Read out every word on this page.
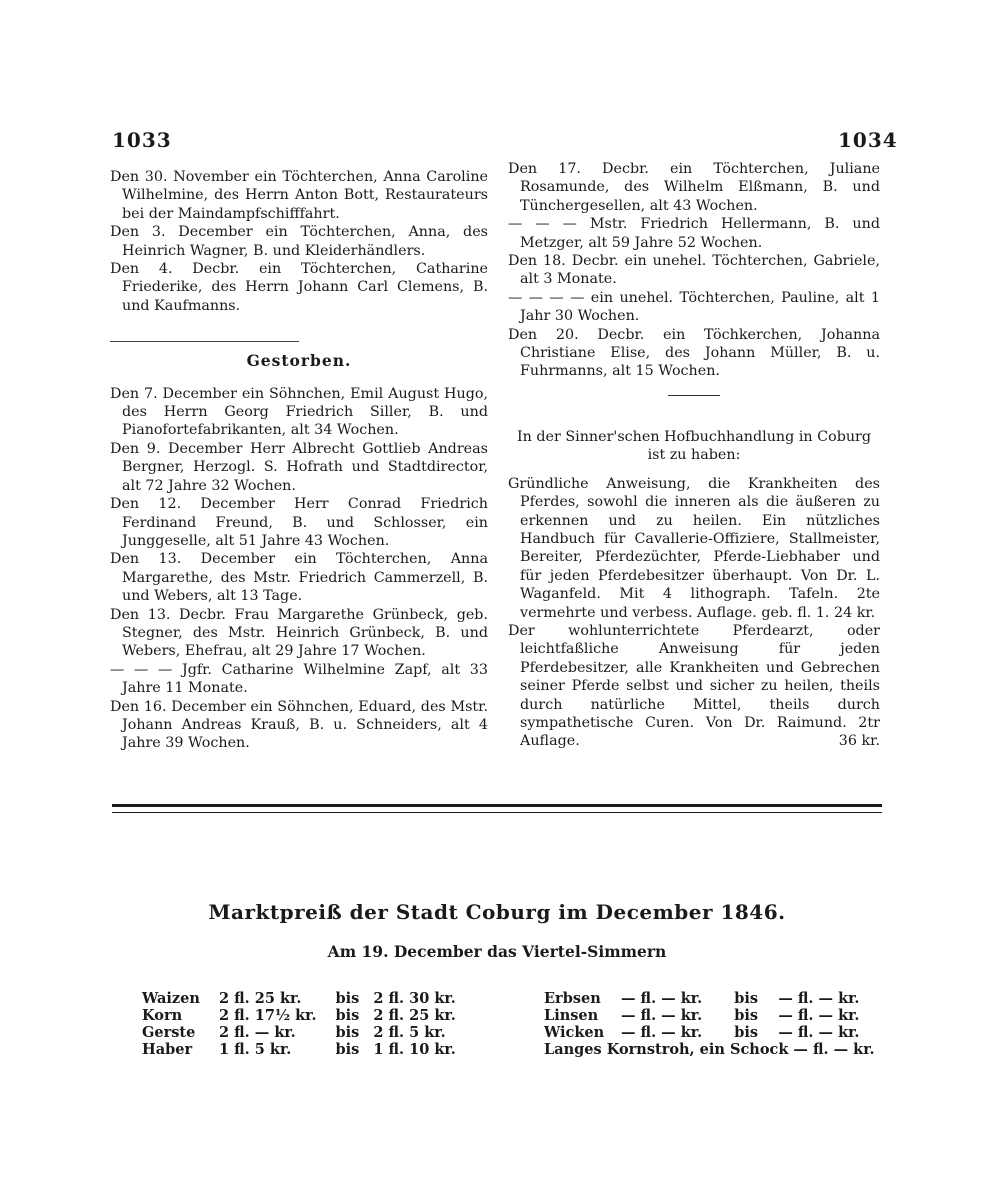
1033	1034

Den 30. November ein Töchterchen, Anna Caroline Wilhelmine, des Herrn Anton Bott, Restaurateurs bei der Maindampfschifffahrt.

Den 3. December ein Töchterchen, Anna, des Heinrich Wagner, B. und Kleiderhändlers.

Den 4. Decbr. ein Töchterchen, Catharine Friederike, des Herrn Johann Carl Clemens, B. und Kaufmanns.

Gestorben.

Den 7. December ein Söhnchen, Emil August Hugo, des Herrn Georg Friedrich Siller, B. und Pianofortefabrikanten, alt 34 Wochen.

Den 9. December Herr Albrecht Gottlieb Andreas Bergner, Herzogl. S. Hofrath und Stadtdirector, alt 72 Jahre 32 Wochen.

Den 12. December Herr Conrad Friedrich Ferdinand Freund, B. und Schlosser, ein Junggeselle, alt 51 Jahre 43 Wochen.

Den 13. December ein Töchterchen, Anna Margarethe, des Mstr. Friedrich Cammerzell, B. und Webers, alt 13 Tage.

Den 13. Decbr. Frau Margarethe Grünbeck, geb. Stegner, des Mstr. Heinrich Grünbeck, B. und Webers, Ehefrau, alt 29 Jahre 17 Wochen.

— — — Jgfr. Catharine Wilhelmine Zapf, alt 33 Jahre 11 Monate.

Den 16. December ein Söhnchen, Eduard, des Mstr. Johann Andreas Krauß, B. u. Schneiders, alt 4 Jahre 39 Wochen.

Den 17. Decbr. ein Töchterchen, Juliane Rosamunde, des Wilhelm Elßmann, B. und Tünchergesellen, alt 43 Wochen.

— — — Mstr. Friedrich Hellermann, B. und Metzger, alt 59 Jahre 52 Wochen.

Den 18. Decbr. ein unehel. Töchterchen, Gabriele, alt 3 Monate.

— — — — ein unehel. Töchterchen, Pauline, alt 1 Jahr 30 Wochen.

Den 20. Decbr. ein Töchkerchen, Johanna Christiane Elise, des Johann Müller, B. u. Fuhrmanns, alt 15 Wochen.

In der Sinner'schen Hofbuchhandlung in Coburg ist zu haben:

Gründliche Anweisung, die Krankheiten des Pferdes, sowohl die inneren als die äußeren zu erkennen und zu heilen. Ein nützliches Handbuch für Cavallerie-Offiziere, Stallmeister, Bereiter, Pferdezüchter, Pferde-Liebhaber und für jeden Pferdebesitzer überhaupt. Von Dr. L. Waganfeld. Mit 4 lithograph. Tafeln. 2te vermehrte und verbess. Auflage. geb. fl. 1. 24 kr.

Der wohlunterrichtete Pferdearzt, oder leichtfaßliche Anweisung für jeden Pferdebesitzer, alle Krankheiten und Gebrechen seiner Pferde selbst und sicher zu heilen, theils durch natürliche Mittel, theils durch sympathetische Curen. Von Dr. Raimund. 2tr Auflage.	36 kr.

Marktpreiß der Stadt Coburg im December 1846.
Am 19. December das Viertel-Simmern
Waizen	2 fl. 25 kr.	bis	2 fl. 30 kr.
Korn	2 fl. 17½ kr.	bis	2 fl. 25 kr.
Gerste	2 fl. — kr.	bis	2 fl. 5 kr.
Haber	1 fl. 5 kr.	bis	1 fl. 10 kr.
Erbsen	— fl. — kr.	bis	— fl. — kr.
Linsen	— fl. — kr.	bis	— fl. — kr.
Wicken	— fl. — kr.	bis	— fl. — kr.
Langes Kornstroh, ein Schock — fl. — kr.			
